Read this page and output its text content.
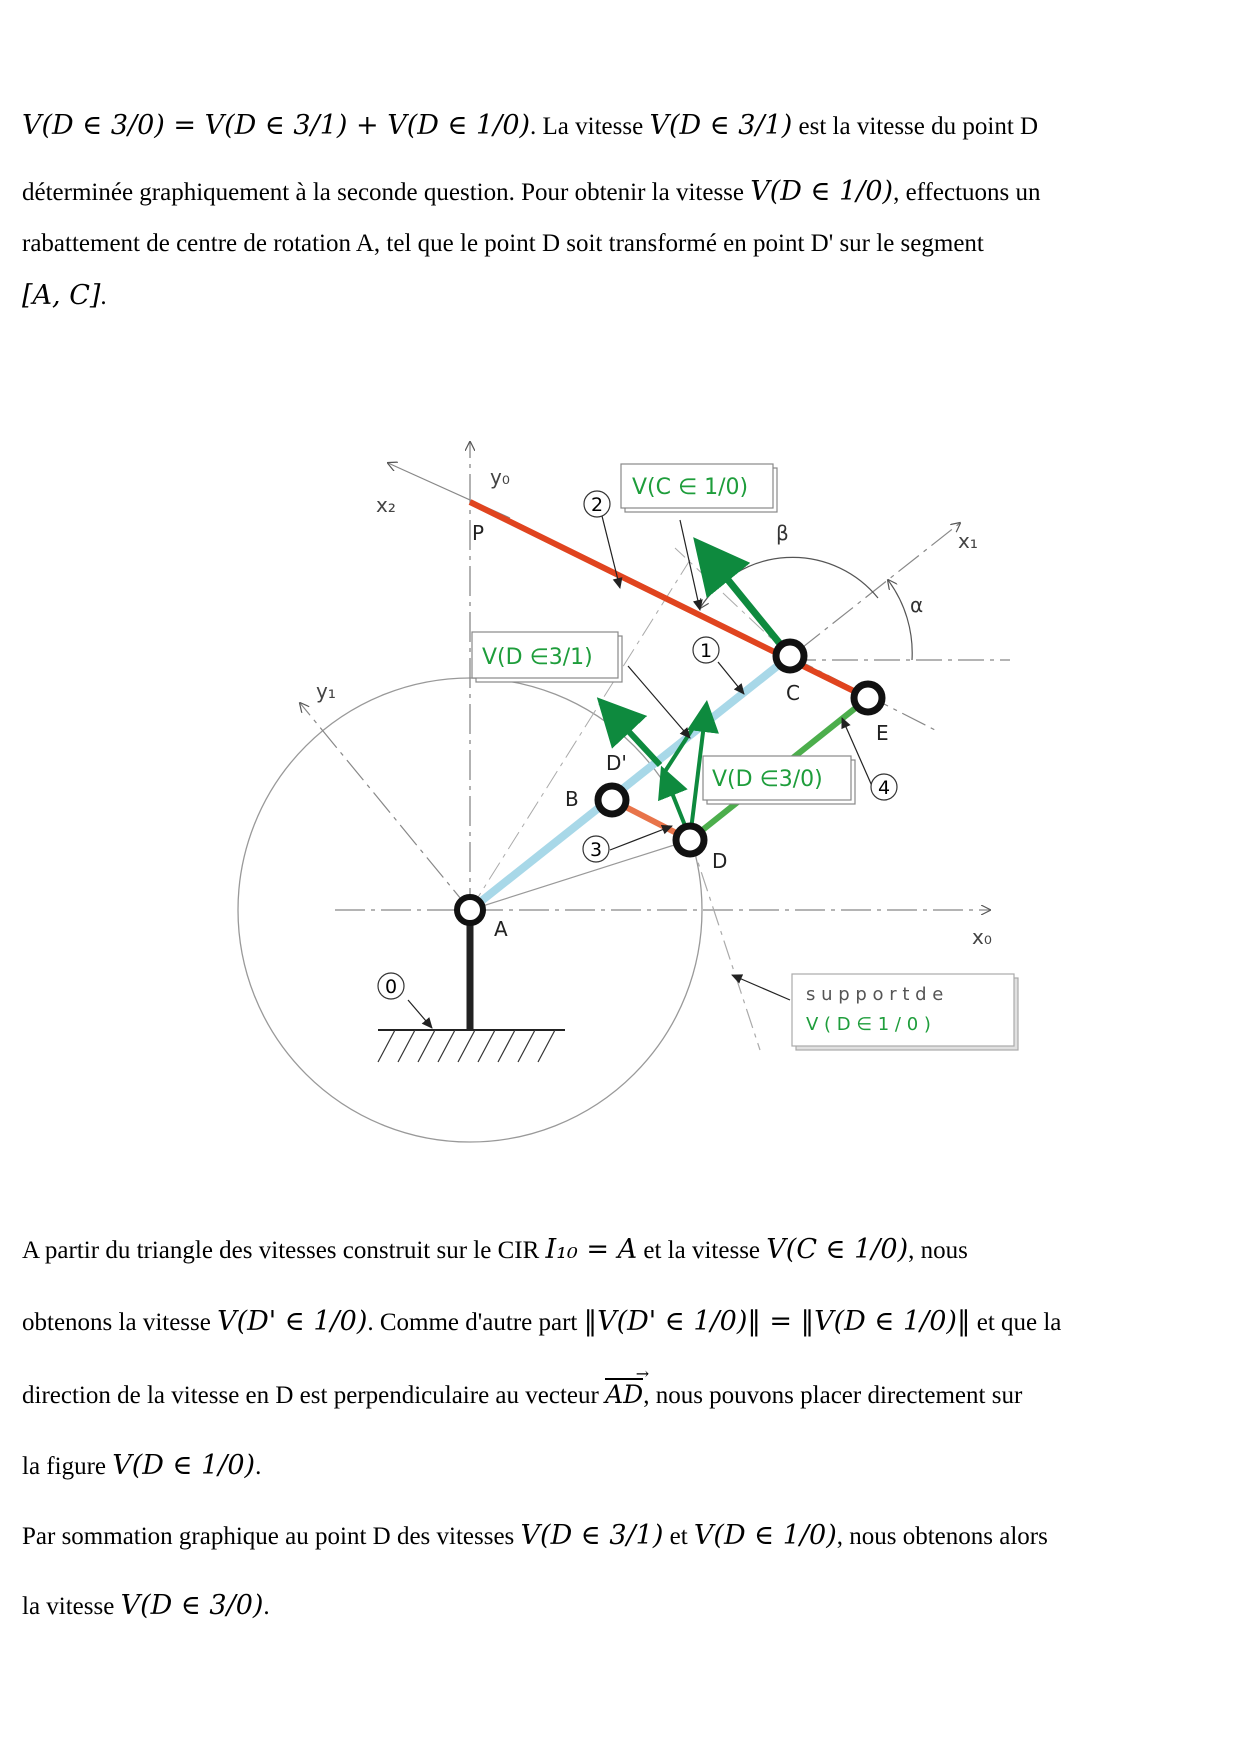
V(D ∈ 3/0) = V(D ∈ 3/1) + V(D ∈ 1/0). La vitesse V(D ∈ 3/1) est la vitesse du point D
déterminée graphiquement à la seconde question. Pour obtenir la vitesse V(D ∈ 1/0), effectuons un
rabattement de centre de rotation A, tel que le point D soit transformé en point D' sur le segment
[A, C].
2
1
3
4
0
y₀
x₂
x₁
y₁
x₀
P
A
B
C
D
D'
E
β
α
V(C ∈ 1/0)
V(D ∈3/1)
V(D ∈3/0)
s u p p o r t d e
V ( D ∈ 1 / 0 )
A partir du triangle des vitesses construit sur le CIR I₁₀ = A et la vitesse V(C ∈ 1/0), nous
obtenons la vitesse V(D' ∈ 1/0). Comme d'autre part ‖V(D' ∈ 1/0)‖ = ‖V(D ∈ 1/0)‖ et que la
direction de la vitesse en D est perpendiculaire au vecteur AD →, nous pouvons placer directement sur
la figure V(D ∈ 1/0).
Par sommation graphique au point D des vitesses V(D ∈ 3/1) et V(D ∈ 1/0), nous obtenons alors
la vitesse V(D ∈ 3/0).
